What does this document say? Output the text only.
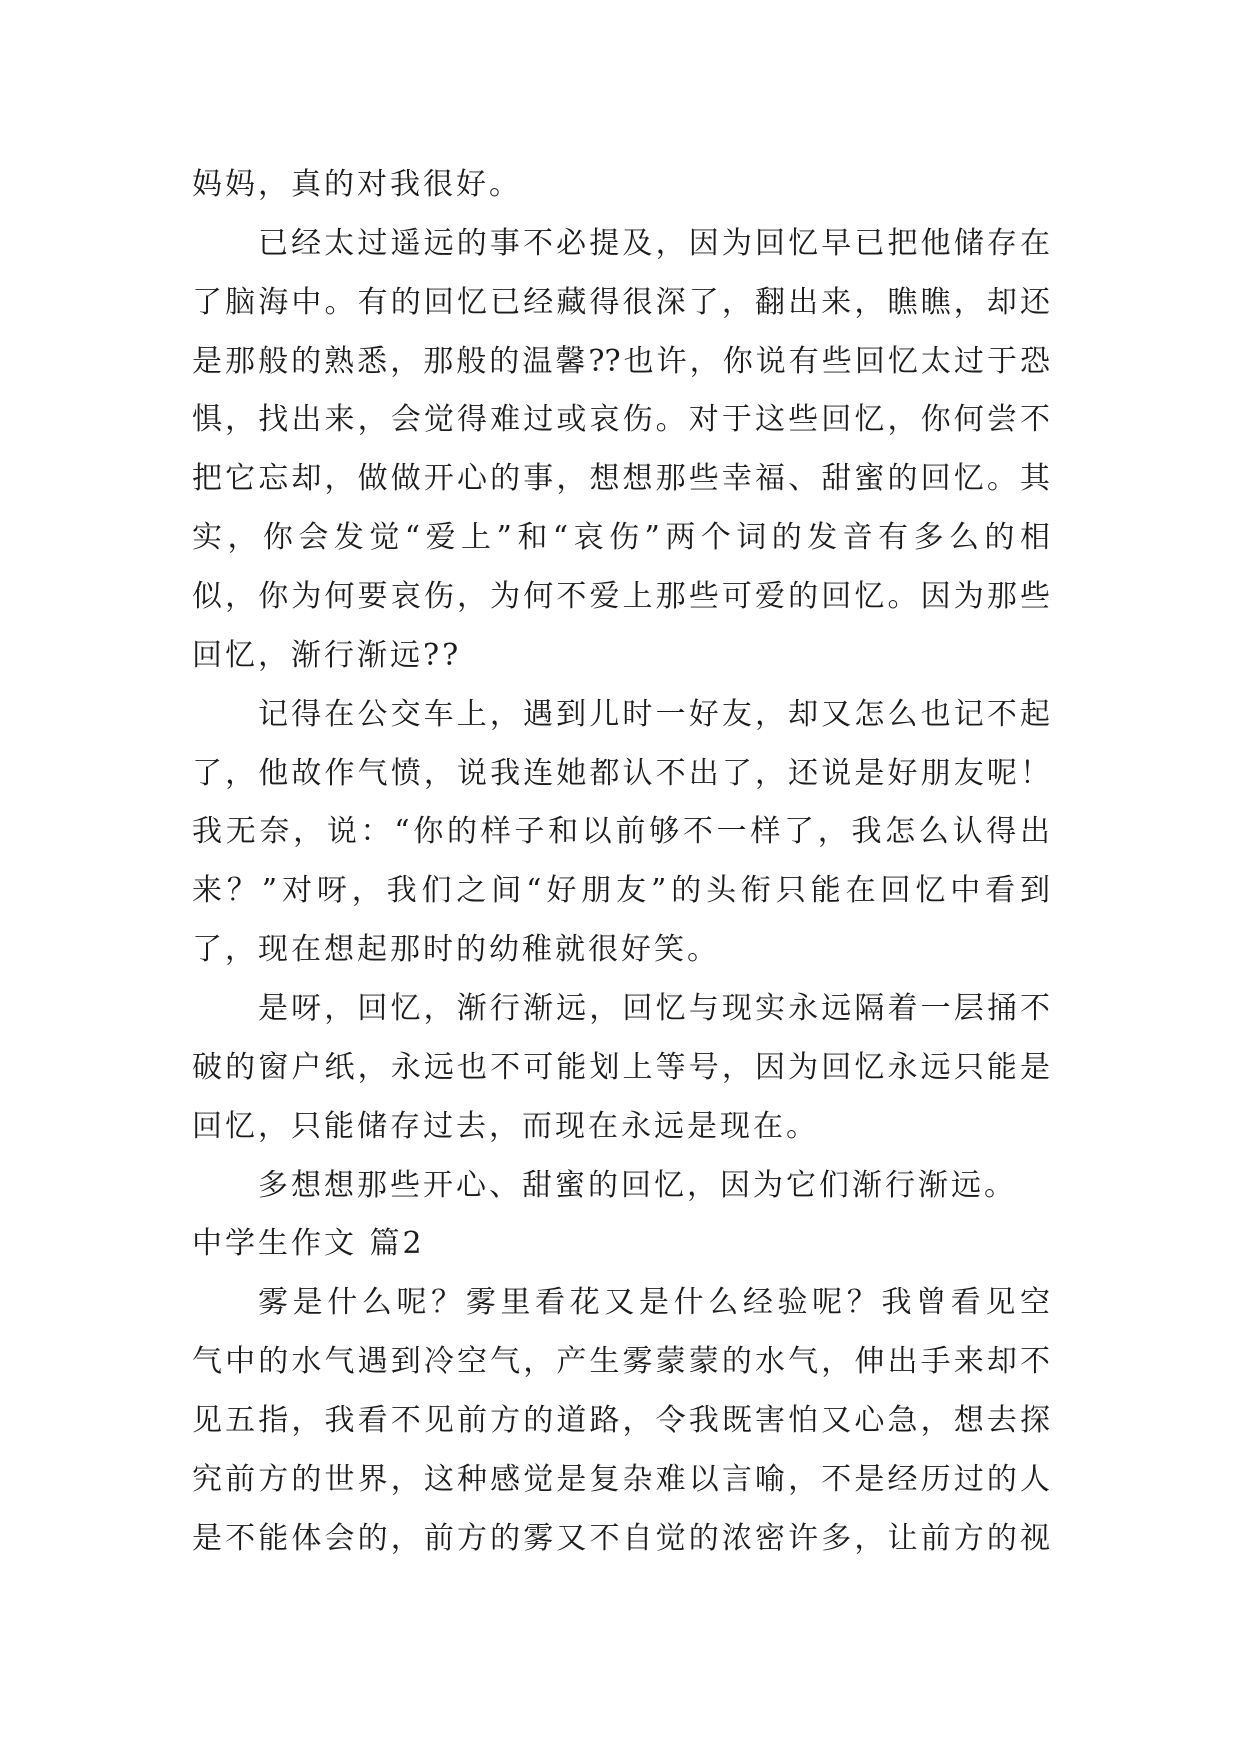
妈妈，真的对我很好。
已经太过遥远的事不必提及，因为回忆早已把他储存在
了脑海中。有的回忆已经藏得很深了，翻出来，瞧瞧，却还
是那般的熟悉，那般的温馨??也许，你说有些回忆太过于恐
惧，找出来，会觉得难过或哀伤。对于这些回忆，你何尝不
把它忘却，做做开心的事，想想那些幸福、甜蜜的回忆。其
实，你会发觉“爱上”和“哀伤”两个词的发音有多么的相
似，你为何要哀伤，为何不爱上那些可爱的回忆。因为那些
回忆，渐行渐远??
记得在公交车上，遇到儿时一好友，却又怎么也记不起
了，他故作气愤，说我连她都认不出了，还说是好朋友呢！
我无奈，说：“你的样子和以前够不一样了，我怎么认得出
来？”对呀，我们之间“好朋友”的头衔只能在回忆中看到
了，现在想起那时的幼稚就很好笑。
是呀，回忆，渐行渐远，回忆与现实永远隔着一层捅不
破的窗户纸，永远也不可能划上等号，因为回忆永远只能是
回忆，只能储存过去，而现在永远是现在。
多想想那些开心、甜蜜的回忆，因为它们渐行渐远。
中学生作文 篇2
雾是什么呢？雾里看花又是什么经验呢？我曾看见空
气中的水气遇到冷空气，产生雾蒙蒙的水气，伸出手来却不
见五指，我看不见前方的道路，令我既害怕又心急，想去探
究前方的世界，这种感觉是复杂难以言喻，不是经历过的人
是不能体会的，前方的雾又不自觉的浓密许多，让前方的视
